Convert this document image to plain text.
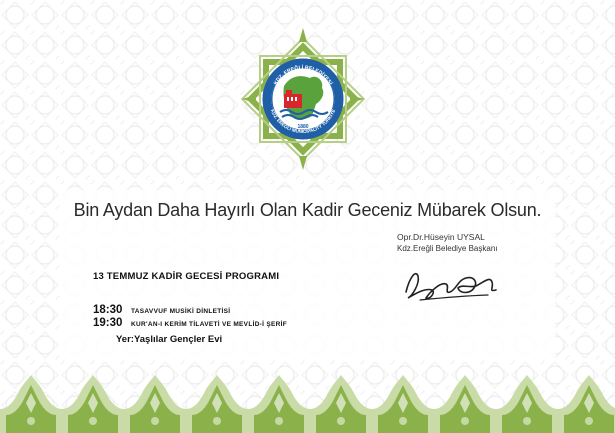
KDZ. EREĞLİ BELEDİYESİ
KDZ. EREĞLİ MUNICIPALITY TÜRKİYE
1880
Bin Aydan Daha Hayırlı Olan Kadir Geceniz Mübarek Olsun.
Opr.Dr.Hüseyin UYSAL
Kdz.Ereğli Belediye Başkanı
13 TEMMUZ KADİR GECESİ PROGRAMI
18:30 TASAVVUF MUSİKİ DİNLETİSİ
19:30 KUR'AN-I KERİM TİLAVETİ VE MEVLİD-İ ŞERİF
Yer:Yaşlılar Gençler Evi
